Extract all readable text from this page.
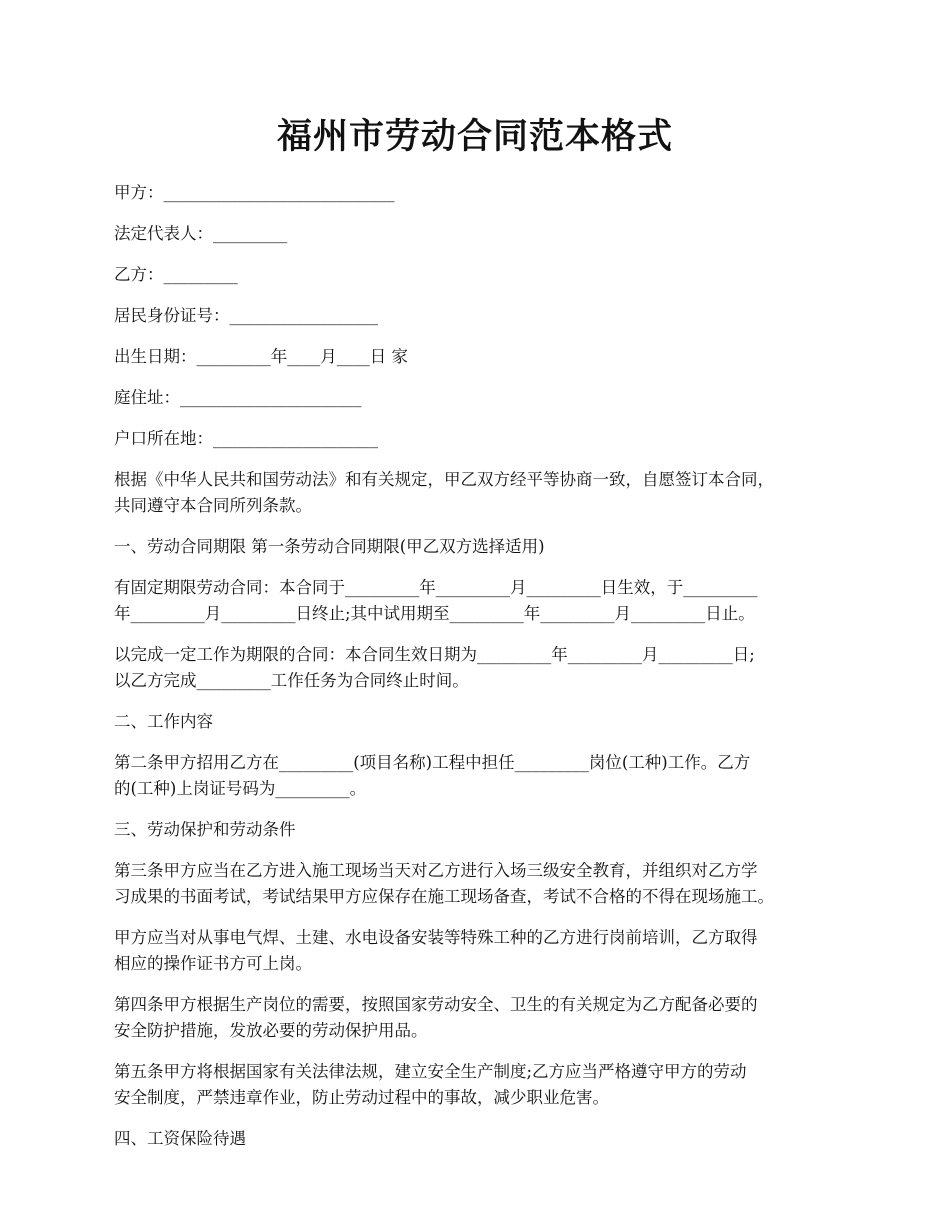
福州市劳动合同范本格式

甲方：____________________________

法定代表人：_________

乙方：_________

居民身份证号：__________________

出生日期：_________年____月____日 家

庭住址：______________________

户口所在地：____________________

根据《中华人民共和国劳动法》和有关规定，甲乙双方经平等协商一致，自愿签订本合同，
共同遵守本合同所列条款。

一、劳动合同期限 第一条劳动合同期限(甲乙双方选择适用)

有固定期限劳动合同：本合同于_________年_________月_________日生效，于_________
年_________月_________日终止;其中试用期至_________年_________月_________日止。

以完成一定工作为期限的合同：本合同生效日期为_________年_________月_________日;
以乙方完成_________工作任务为合同终止时间。

二、工作内容

第二条甲方招用乙方在_________(项目名称)工程中担任_________岗位(工种)工作。乙方
的(工种)上岗证号码为_________。

三、劳动保护和劳动条件

第三条甲方应当在乙方进入施工现场当天对乙方进行入场三级安全教育，并组织对乙方学
习成果的书面考试，考试结果甲方应保存在施工现场备查，考试不合格的不得在现场施工。

甲方应当对从事电气焊、土建、水电设备安装等特殊工种的乙方进行岗前培训，乙方取得
相应的操作证书方可上岗。

第四条甲方根据生产岗位的需要，按照国家劳动安全、卫生的有关规定为乙方配备必要的
安全防护措施，发放必要的劳动保护用品。

第五条甲方将根据国家有关法律法规，建立安全生产制度;乙方应当严格遵守甲方的劳动
安全制度，严禁违章作业，防止劳动过程中的事故，减少职业危害。

四、工资保险待遇
